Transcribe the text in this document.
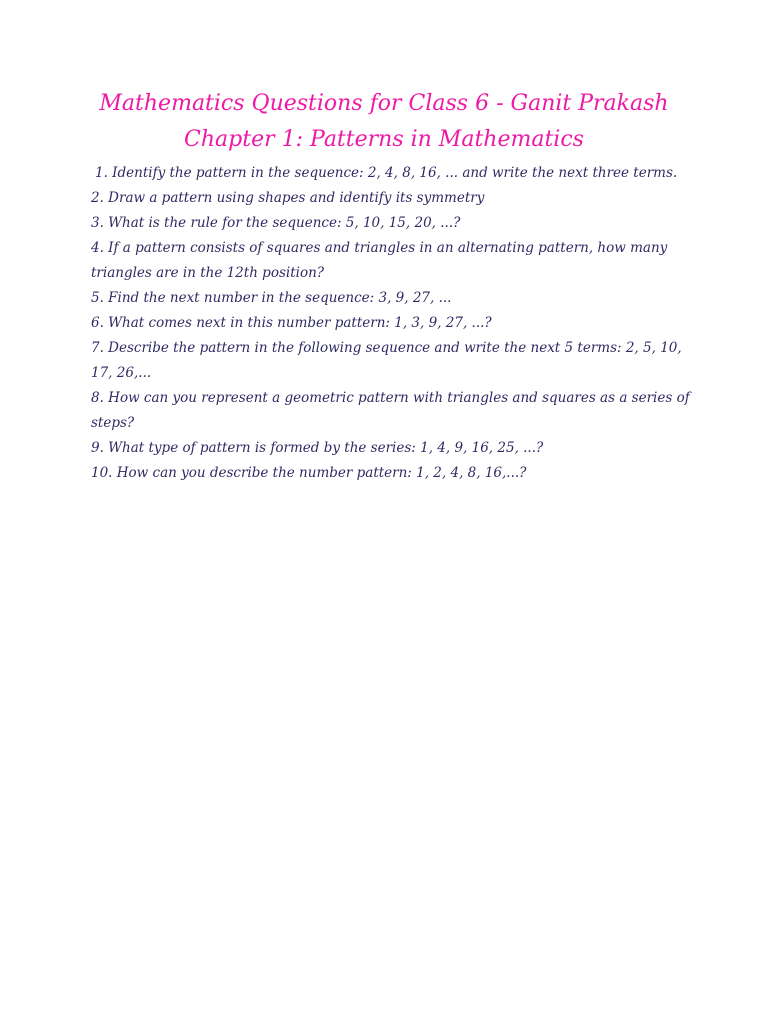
Mathematics Questions for Class 6 - Ganit Prakash
Chapter 1: Patterns in Mathematics
1. Identify the pattern in the sequence: 2, 4, 8, 16, ... and write the next three terms.
2. Draw a pattern using shapes and identify its symmetry
3. What is the rule for the sequence: 5, 10, 15, 20, ...?
4. If a pattern consists of squares and triangles in an alternating pattern, how many triangles are in the 12th position?
5. Find the next number in the sequence: 3, 9, 27, ...
6. What comes next in this number pattern: 1, 3, 9, 27, ...?
7. Describe the pattern in the following sequence and write the next 5 terms: 2, 5, 10, 17, 26,...
8. How can you represent a geometric pattern with triangles and squares as a series of steps?
9. What type of pattern is formed by the series: 1, 4, 9, 16, 25, ...?
10. How can you describe the number pattern: 1, 2, 4, 8, 16,...?
